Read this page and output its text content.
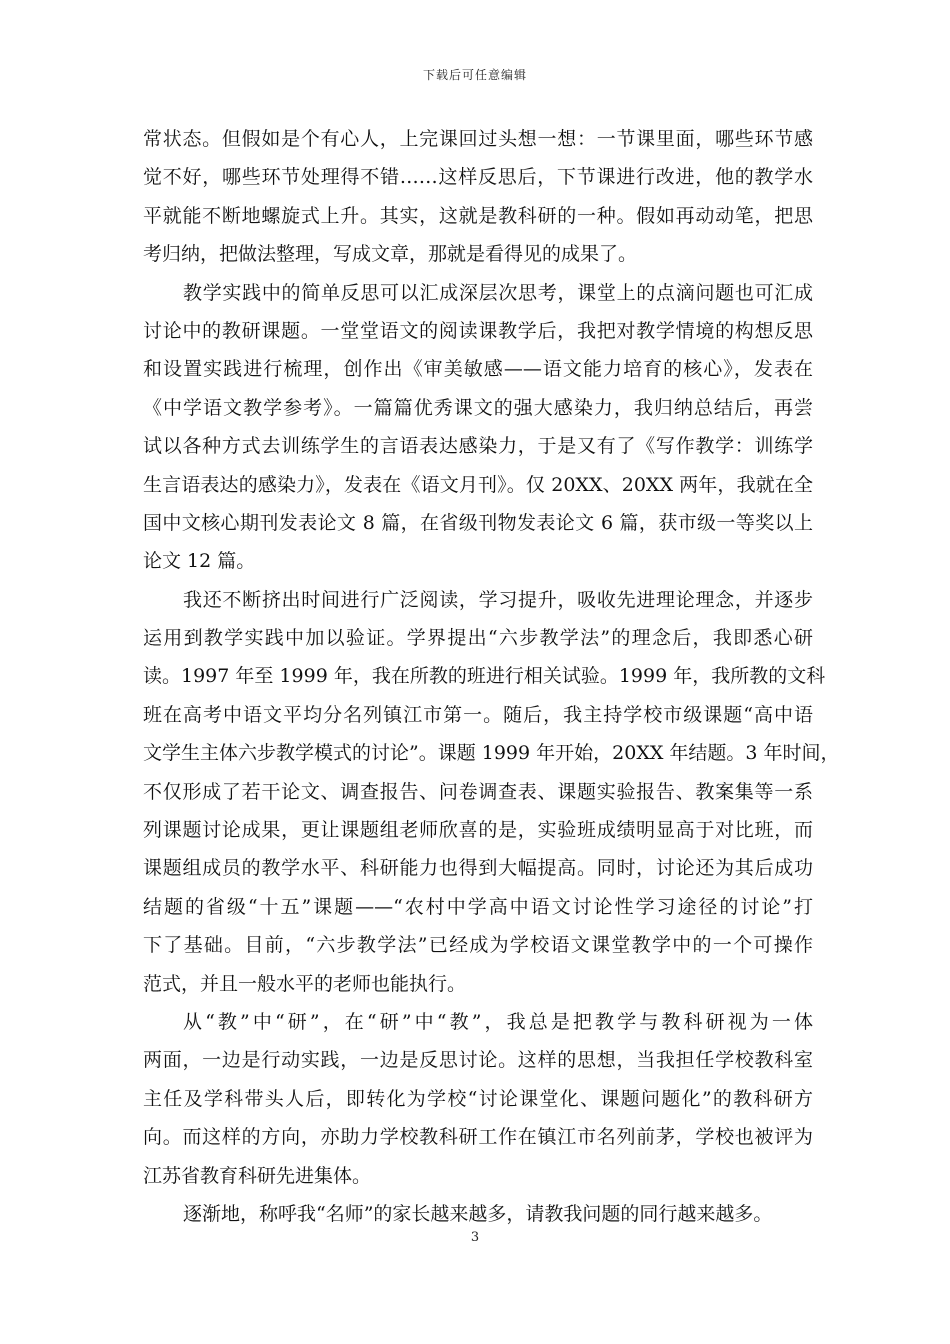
下载后可任意编辑
常状态。但假如是个有心人，上完课回过头想一想：一节课里面，哪些环节感
觉不好，哪些环节处理得不错……这样反思后，下节课进行改进，他的教学水
平就能不断地螺旋式上升。其实，这就是教科研的一种。假如再动动笔，把思
考归纳，把做法整理，写成文章，那就是看得见的成果了。
教学实践中的简单反思可以汇成深层次思考，课堂上的点滴问题也可汇成
讨论中的教研课题。一堂堂语文的阅读课教学后，我把对教学情境的构想反思
和设置实践进行梳理，创作出《审美敏感——语文能力培育的核心》，发表在
《中学语文教学参考》。一篇篇优秀课文的强大感染力，我归纳总结后，再尝
试以各种方式去训练学生的言语表达感染力，于是又有了《写作教学：训练学
生言语表达的感染力》，发表在《语文月刊》。仅 20XX、20XX 两年，我就在全
国中文核心期刊发表论文 8 篇，在省级刊物发表论文 6 篇，获市级一等奖以上
论文 12 篇。
我还不断挤出时间进行广泛阅读，学习提升，吸收先进理论理念，并逐步
运用到教学实践中加以验证。学界提出“六步教学法”的理念后，我即悉心研
读。1997 年至 1999 年，我在所教的班进行相关试验。1999 年，我所教的文科
班在高考中语文平均分名列镇江市第一。随后，我主持学校市级课题“高中语
文学生主体六步教学模式的讨论”。课题 1999 年开始，20XX 年结题。3 年时间，
不仅形成了若干论文、调查报告、问卷调查表、课题实验报告、教案集等一系
列课题讨论成果，更让课题组老师欣喜的是，实验班成绩明显高于对比班，而
课题组成员的教学水平、科研能力也得到大幅提高。同时，讨论还为其后成功
结题的省级“十五”课题——“农村中学高中语文讨论性学习途径的讨论”打
下了基础。目前，“六步教学法”已经成为学校语文课堂教学中的一个可操作
范式，并且一般水平的老师也能执行。
从“教”中“研”，在“研”中“教”，我总是把教学与教科研视为一体
两面，一边是行动实践，一边是反思讨论。这样的思想，当我担任学校教科室
主任及学科带头人后，即转化为学校“讨论课堂化、课题问题化”的教科研方
向。而这样的方向，亦助力学校教科研工作在镇江市名列前茅，学校也被评为
江苏省教育科研先进集体。
逐渐地，称呼我“名师”的家长越来越多，请教我问题的同行越来越多。
3
